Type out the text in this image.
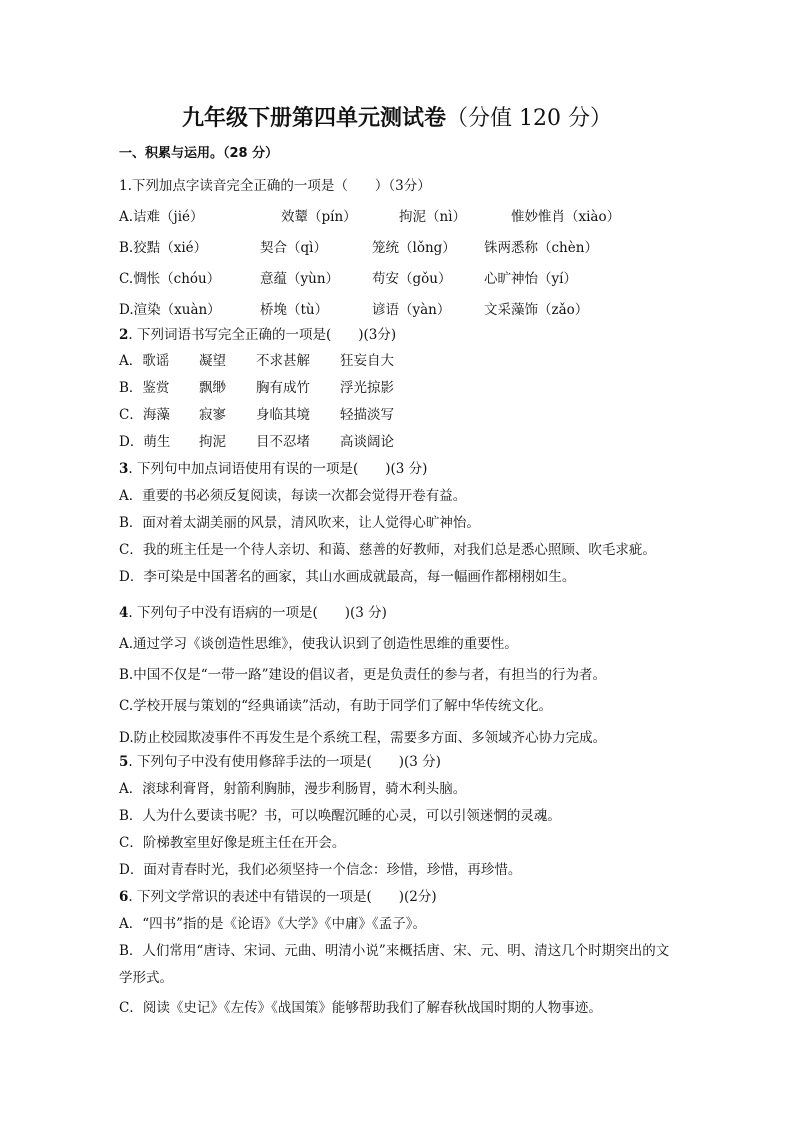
九年级下册第四单元测试卷（分值 120 分）
一、积累与运用。（28 分）
1.下列加点字读音完全正确的一项是（　　）（3分）
A.诘难（jié）	效颦（pín）	拘泥（nì）	惟妙惟肖（xiào）
B.狡黠（xié）	契合（qì）	笼统（lǒng） 铢两悉称（chèn）
C.惆怅（chóu）	意蕴（yùn） 苟安（gǒu） 心旷神怡（yí）
D.渲染（xuàn）	桥堍（tù）	谚语（yàn） 文采藻饰（zǎo）
2. 下列词语书写完全正确的一项是(　　)(3分)
A．歌谣 凝望 不求甚解 狂妄自大
B．鉴赏 飘缈 胸有成竹 浮光掠影
C．海藻 寂寥 身临其境 轻描淡写
D．萌生 拘泥 目不忍堵 高谈阔论
3. 下列句中加点词语使用有误的一项是(　　)(3 分)
A．重要的书必须反复阅读，每读一次都会觉得开卷有益。
B．面对着太湖美丽的风景，清风吹来，让人觉得心旷神怡。
C．我的班主任是一个待人亲切、和蔼、慈善的好教师，对我们总是悉心照顾、吹毛求疵。
D．李可染是中国著名的画家，其山水画成就最高，每一幅画作都栩栩如生。
4. 下列句子中没有语病的一项是(　　)(3 分)
A.通过学习《谈创造性思维》，使我认识到了创造性思维的重要性。
B.中国不仅是“一带一路”建设的倡议者，更是负责任的参与者，有担当的行为者。
C.学校开展与策划的“经典诵读”活动，有助于同学们了解中华传统文化。
D.防止校园欺凌事件不再发生是个系统工程，需要多方面、多领域齐心协力完成。
5. 下列句子中没有使用修辞手法的一项是(　　)(3 分)
A．滚球利膏肾，射箭利胸肺，漫步利肠胃，骑木利头脑。
B．人为什么要读书呢？书，可以唤醒沉睡的心灵，可以引领迷惘的灵魂。
C．阶梯教室里好像是班主任在开会。
D．面对青春时光，我们必须坚持一个信念：珍惜，珍惜，再珍惜。
6. 下列文学常识的表述中有错误的一项是(　　)(2分)
A．“四书”指的是《论语》《大学》《中庸》《孟子》。
B．人们常用“唐诗、宋词、元曲、明清小说”来概括唐、宋、元、明、清这几个时期突出的文学形式。
C．阅读《史记》《左传》《战国策》能够帮助我们了解春秋战国时期的人物事迹。
